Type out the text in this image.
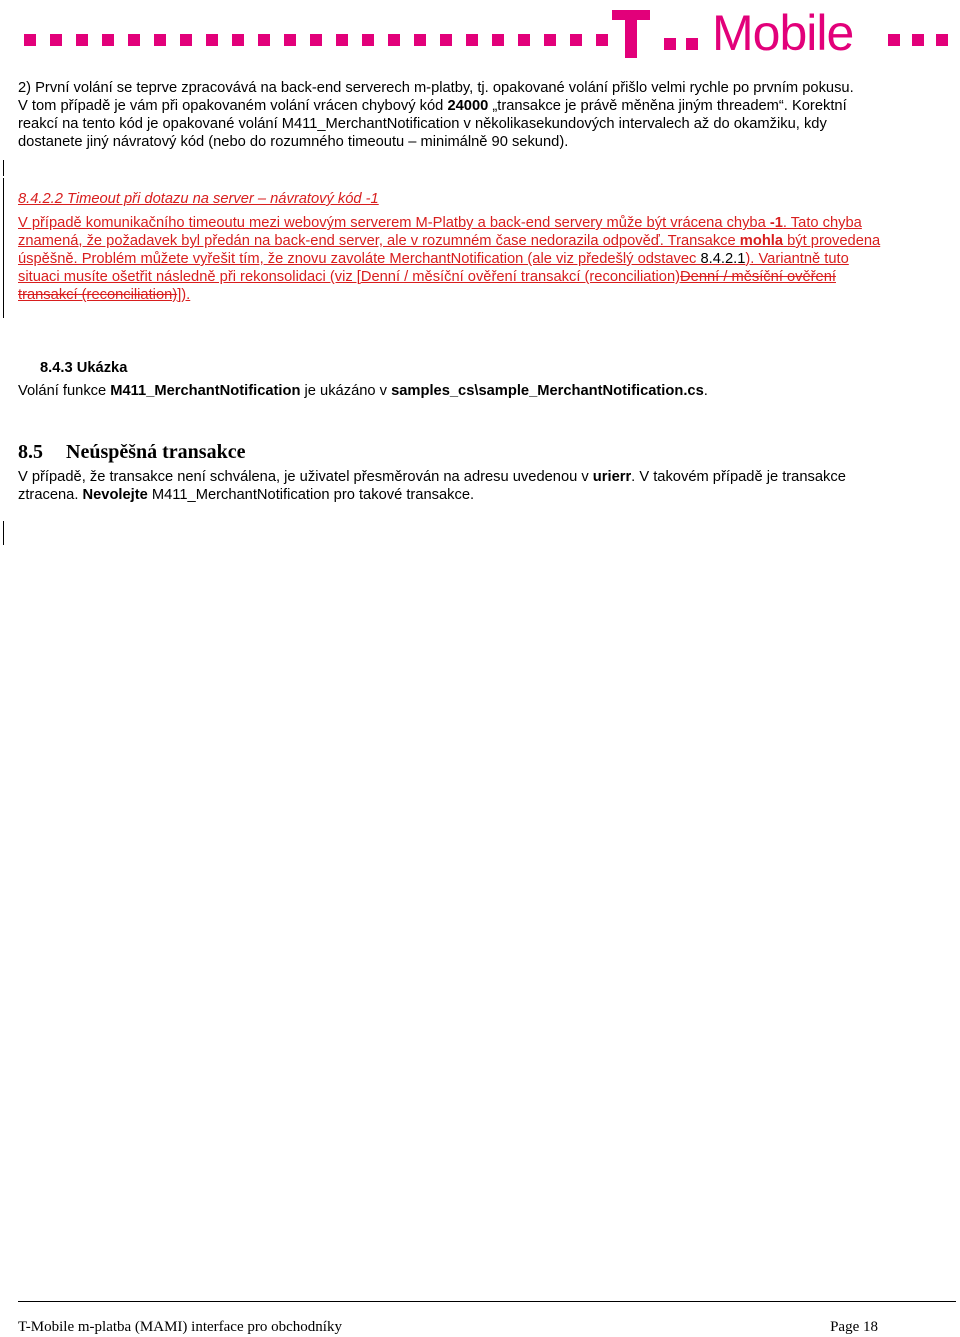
Mobile
2) První volání se teprve zpracovává na back-end serverech m-platby, tj. opakované volání přišlo velmi rychle po prvním pokusu.
V tom případě je vám při opakovaném volání vrácen chybový kód 24000 „transakce je právě měněna jiným threadem“. Korektní
reakcí na tento kód je opakované volání M411_MerchantNotification v několikasekundových intervalech až do okamžiku, kdy
dostanete jiný návratový kód (nebo do rozumného timeoutu – minimálně 90 sekund).
8.4.2.2 Timeout při dotazu na server – návratový kód -1
V případě komunikačního timeoutu mezi webovým serverem M-Platby a back-end servery může být vrácena chyba -1. Tato chyba
znamená, že požadavek byl předán na back-end server, ale v rozumném čase nedorazila odpověď. Transakce mohla být provedena
úspěšně. Problém můžete vyřešit tím, že znovu zavoláte MerchantNotification (ale viz předešlý odstavec 8.4.2.1). Variantně tuto
situaci musíte ošetřit následně při rekonsolidaci (viz [Denní / měsíční ověření transakcí (reconciliation)Denní / měsíční ověření
transakcí (reconciliation)]).
8.4.3 Ukázka
Volání funkce M411_MerchantNotification je ukázáno v samples_cs\sample_MerchantNotification.cs.
8.5 Neúspěšná transakce
V případě, že transakce není schválena, je uživatel přesměrován na adresu uvedenou v urierr. V takovém případě je transakce
ztracena. Nevolejte M411_MerchantNotification pro takové transakce.
T-Mobile m-platba (MAMI) interface pro obchodníky	Page 18
